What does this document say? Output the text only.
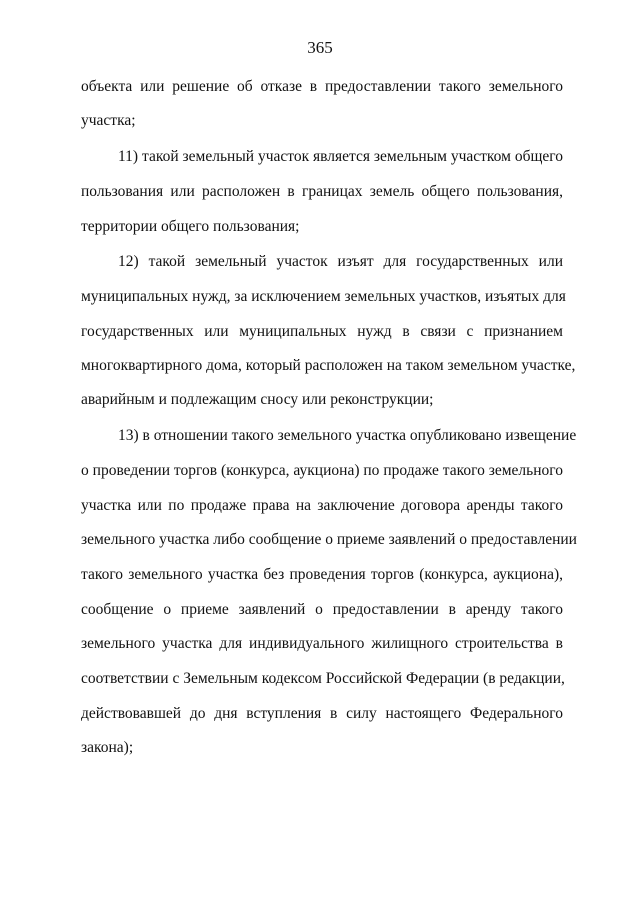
365
объекта или решение об отказе в предоставлении такого земельного
участка;
11) такой земельный участок является земельным участком общего
пользования или расположен в границах земель общего пользования,
территории общего пользования;
12) такой земельный участок изъят для государственных или
муниципальных нужд, за исключением земельных участков, изъятых для
государственных или муниципальных нужд в связи с признанием
многоквартирного дома, который расположен на таком земельном участке,
аварийным и подлежащим сносу или реконструкции;
13) в отношении такого земельного участка опубликовано извещение
о проведении торгов (конкурса, аукциона) по продаже такого земельного
участка или по продаже права на заключение договора аренды такого
земельного участка либо сообщение о приеме заявлений о предоставлении
такого земельного участка без проведения торгов (конкурса, аукциона),
сообщение о приеме заявлений о предоставлении в аренду такого
земельного участка для индивидуального жилищного строительства в
соответствии с Земельным кодексом Российской Федерации (в редакции,
действовавшей до дня вступления в силу настоящего Федерального
закона);
